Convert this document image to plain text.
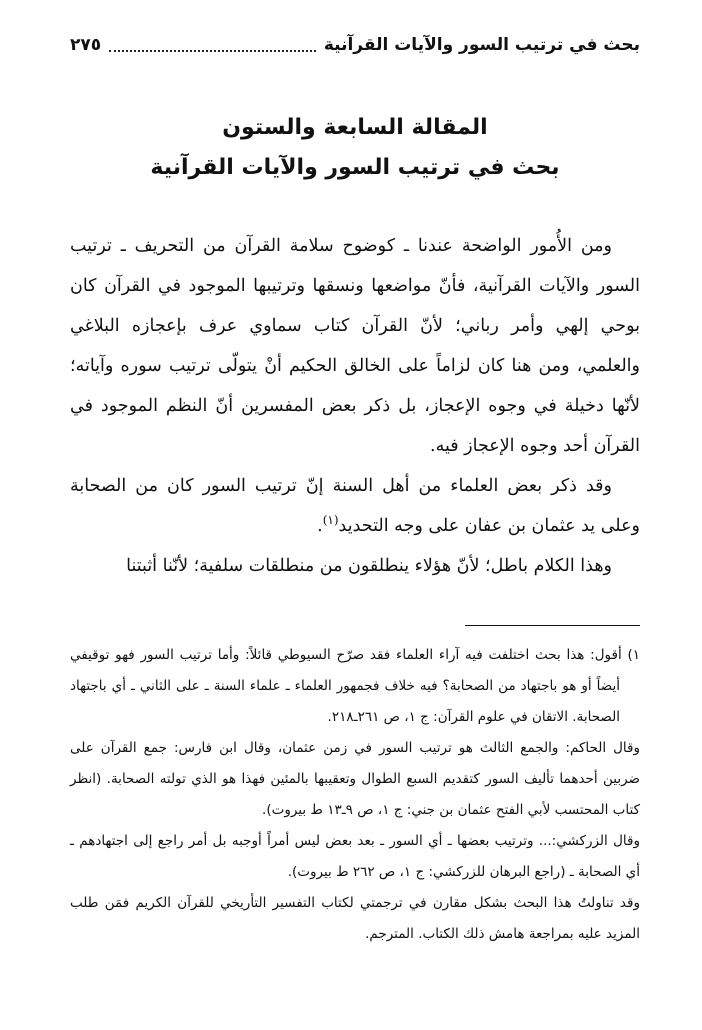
بحث في ترتيب السور والآيات القرآنية
٢٧٥
المقالة السابعة والستون
بحث في ترتيب السور والآيات القرآنية

ومن الأُمور الواضحة عندنا ـ كوضوح سلامة القرآن من التحريف ـ ترتيب السور والآيات القرآنية، فأنّ مواضعها ونسقها وترتيبها الموجود في القرآن كان بوحي إلهي وأمر رباني؛ لأنّ القرآن كتاب سماوي عرف بإعجازه البلاغي والعلمي، ومن هنا كان لزاماً على الخالق الحكيم أنْ يتولّى ترتيب سوره وآياته؛ لأنّها دخيلة في وجوه الإعجاز، بل ذكر بعض المفسرين أنّ النظم الموجود في القرآن أحد وجوه الإعجاز فيه.

وقد ذكر بعض العلماء من أهل السنة إنّ ترتيب السور كان من الصحابة وعلى يد عثمان بن عفان على وجه التحديد$^{(١)}$.

وهذا الكلام باطل؛ لأنّ هؤلاء ينطلقون من منطلقات سلفية؛ لأنّنا أثبتنا

١) أقول: هذا بحث اختلفت فيه آراء العلماء فقد صرّح السيوطي قائلاً: وأما ترتيب السور فهو توقيفي أيضاً أو هو باجتهاد من الصحابة؟ فيه خلاف فجمهور العلماء ـ علماء السنة ـ على الثاني ـ أي باجتهاد الصحابة. الاتقان في علوم القرآن: ج ١، ص ٢٦١ـ٢١٨.

وقال الحاكم: والجمع الثالث هو ترتيب السور في زمن عثمان، وقال ابن فارس: جمع القرآن على ضربين أحدهما تأليف السور كتقديم السبع الطوال وتعقيبها بالمئين فهذا هو الذي تولته الصحابة. (انظر كتاب المحتسب لأبي الفتح عثمان بن جني: ج ١، ص ٩ـ١٣ ط بيروت).

وقال الزركشي:... وترتيب بعضها ـ أي السور ـ بعد بعض ليس أمراً أوجبه بل أمر راجع إلى اجتهادهم ـ أي الصحابة ـ (راجع البرهان للزركشي: ج ١، ص ٢٦٢ ط بيروت).

وقد تناولتُ هذا البحث بشكل مقارن في ترجمتي لكتاب التفسير التأريخي للقرآن الكريم فمَن طلب المزيد عليه بمراجعة هامش ذلك الكتاب. المترجم.
